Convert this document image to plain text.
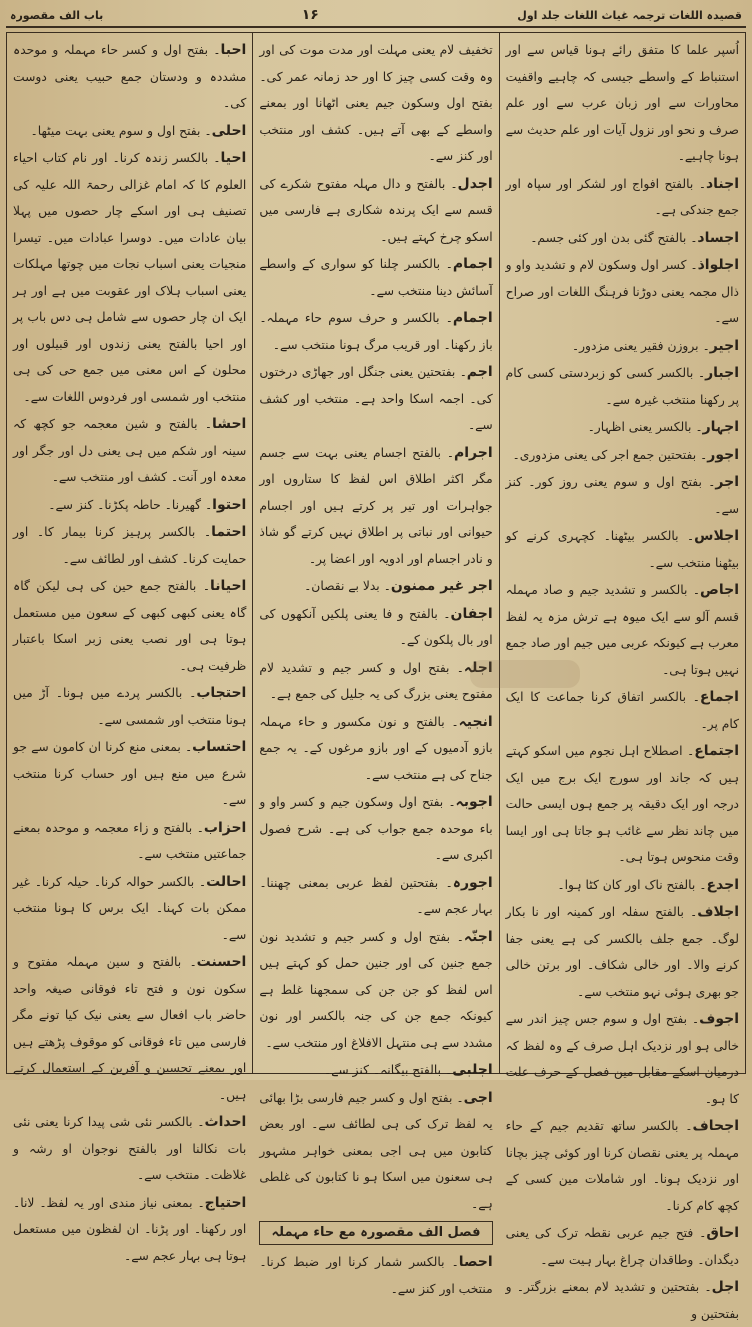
قصیدہ اللغات ترجمہ غیاث اللغات جلد اول
۱۶
باب الف مقصورہ
اُسپر علما کا متفق رائے ہونا قیاس سے اور استنباط کے واسطے جیسی کہ چاہیے واقفیت محاورات سے اور زبان عرب سے اور علم صرف و نحو اور نزول آیات اور علم حدیث سے ہونا چاہیے۔
اجناد۔ بالفتح افواج اور لشکر اور سپاہ اور جمع جندکی ہے۔
اجساد۔ بالفتح گئی بدن اور کئی جسم۔
اجلواذ۔ کسر اول وسکون لام و تشدید واو و ذال مجمہ یعنی دوڑنا فرہنگ اللغات اور صراح سے۔
اجیر۔ بروزن فقیر یعنی مزدور۔
اجبار۔ بالکسر کسی کو زبردستی کسی کام پر رکھنا منتخب غیرہ سے۔
اجہار۔ بالکسر یعنی اظہار۔
اجور۔ بفتحتین جمع اجر کی یعنی مزدوری۔
اجر۔ بفتح اول و سوم یعنی روز کور۔ کنز سے۔
اجلاس۔ بالکسر بیٹھنا۔ کچہری کرنے کو بیٹھنا منتخب سے۔
اجاص۔ بالکسر و تشدید جیم و صاد مہملہ قسم آلو سے ایک میوہ ہے ترش مزہ یہ لفظ معرب ہے کیونکہ عربی میں جیم اور صاد جمع نہیں ہوتا ہی۔
اجماع۔ بالکسر اتفاق کرنا جماعت کا ایک کام پر۔
اجتماع۔ اصطلاح اہل نجوم میں اسکو کہتے ہیں کہ جاند اور سورج ایک برج میں ایک درجہ اور ایک دقیقہ پر جمع ہوں ایسی حالت میں چاند نظر سے غائب ہو جاتا ہی اور ایسا وقت منحوس ہوتا ہی۔
اجدع۔ بالفتح ناک اور کان کٹا ہوا۔
اجلاف۔ بالفتح سفلہ اور کمینہ اور نا بکار لوگ۔ جمع جلف بالکسر کی ہے یعنی جفا کرنے والا۔ اور خالی شکاف۔ اور برتن خالی جو بھری ہوئی نہو منتخب سے۔
اجوف۔ بفتح اول و سوم جس چیز اندر سے خالی ہو اور نزدیک اہل صرف کے وہ لفظ کہ درمیان اسکے مقابل مین فصل کے حرف علت کا ہو۔
اجحاف۔ بالکسر ساتھ تقدیم جیم کے حاء مہملہ پر یعنی نقصان کرنا اور کوئی چیز بچانا اور نزدیک ہونا۔ اور شاملات مین کسی کے کچھ کام کرنا۔
احاق۔ فتح جیم عربی نقطہ ترک کی یعنی دیگدان۔ وطاقدان چراغ بہار ہیت سے۔
اجل۔ بفتحتین و تشدید لام بمعنے بزرگتر۔ و بفتحتین و
تخفیف لام یعنی مہلت اور مدت موت کی اور وہ وقت کسی چیز کا اور حد زمانہ عمر کی۔ بفتح اول وسکون جیم یعنی اٹھانا اور بمعنے واسطے کے بھی آتے ہیں۔ کشف اور منتخب اور کنز سے۔
اجدل۔ بالفتح و دال مہلہ مفتوح شکرے کی قسم سے ایک پرندہ شکاری ہے فارسی میں اسکو چرخ کہتے ہیں۔
اجمام۔ بالکسر چلنا کو سواری کے واسطے آسائش دینا منتخب سے۔
اجمام۔ بالکسر و حرف سوم حاء مہملہ۔ باز رکھنا۔ اور قریب مرگ ہونا منتخب سے۔
اجم۔ بفتحتین یعنی جنگل اور جھاڑی درختوں کی۔ اجمہ اسکا واحد ہے۔ منتخب اور کشف سے۔
اجرام۔ بالفتح اجسام یعنی بہت سے جسم مگر اکثر اطلاق اس لفظ کا ستاروں اور جواہرات اور تیر پر کرتے ہیں اور اجسام حیوانی اور نباتی پر اطلاق نہیں کرتے گو شاذ و نادر اجسام اور ادویہ اور اعضا پر۔
اجر غیر ممنون۔ بدلا بے نقصان۔
اجفان۔ بالفتح و فا یعنی پلکیں آنکھوں کی اور بال پلکون کے۔
اجلہ۔ بفتح اول و کسر جیم و تشدید لام مفتوح یعنی بزرگ کی یہ جلیل کی جمع ہے۔
انجیہ۔ بالفتح و نون مکسور و حاء مہملہ بازو آدمیوں کے اور بازو مرغوں کے۔ یہ جمع جناح کی ہے منتخب سے۔
اجوبہ۔ بفتح اول وسکون جیم و کسر واو و باء موحدہ جمع جواب کی ہے۔ شرح فصول اکبری سے۔
اجورہ۔ بفتحتین لفظ عربی بمعنی چھننا۔ بہار عجم سے۔
اجنّہ۔ بفتح اول و کسر جیم و تشدید نون جمع جنین کی اور جنین حمل کو کہتے ہیں اس لفظ کو جن جن کی سمجھنا غلط ہے کیونکہ جمع جن کی جنہ بالکسر اور نون مشدد سے ہی منتہل الافلاغ اور منتخب سے۔
اجلبی۔ بالفتح بیگانہ۔ کنز سے۔
اجی۔ بفتح اول و کسر جیم فارسی بڑا بھائی یہ لفظ ترک کی ہی لطائف سے۔ اور بعض کتابون میں ہی اجی بمعنی خواہر مشہور ہی سعنون میں اسکا ہو نا کتابون کی غلطی ہے۔
فصل الف مقصورہ مع حاء مہملہ
احصا۔ بالکسر شمار کرنا اور ضبط کرنا۔ منتخب اور کنز سے۔
احبا۔ بفتح اول و کسر حاء مہملہ و موحدہ مشددہ و ودستان جمع حبیب یعنی دوست کی۔
احلی۔ بفتح اول و سوم یعنی بہت میٹھا۔
احیا۔ بالکسر زندہ کرنا۔ اور نام کتاب احیاء العلوم کا کہ امام غزالی رحمۃ اللہ علیہ کی تصنیف ہی اور اسکے چار حصوں میں پہلا بیان عادات میں۔ دوسرا عبادات میں۔ تیسرا منجیات یعنی اسباب نجات میں چوتھا مہلکات یعنی اسباب ہلاک اور عقوبت میں ہے اور ہر ایک ان چار حصوں سے شامل ہی دس باب پر اور احیا بالفتح یعنی زندوں اور قبیلوں اور محلون کے اس معنی میں جمع حی کی ہی منتخب اور شمسی اور فردوس اللغات سے۔
احشا۔ بالفتح و شین معجمہ جو کچھ کہ سینہ اور شکم میں ہی یعنی دل اور جگر اور معدہ اور آنت۔ کشف اور منتخب سے۔
احتوا۔ گھیرنا۔ حاطہ پکڑنا۔ کنز سے۔
احتما۔ بالکسر پرہیز کرنا بیمار کا۔ اور حمایت کرنا۔ کشف اور لطائف سے۔
احیانا۔ بالفتح جمع حین کی ہی لیکن گاہ گاہ یعنی کبھی کبھی کے سعون میں مستعمل ہوتا ہی اور نصب یعنی زبر اسکا باعتبار ظرفیت ہی۔
احتجاب۔ بالکسر پردے میں ہونا۔ آڑ میں ہونا منتخب اور شمسی سے۔
احتساب۔ بمعنی منع کرنا ان کامون سے جو شرع میں منع ہیں اور حساب کرنا منتخب سے۔
احزاب۔ بالفتح و زاء معجمہ و موحدہ بمعنے جماعتیں منتخب سے۔
احالت۔ بالکسر حوالہ کرنا۔ حیلہ کرنا۔ غیر ممکن بات کہنا۔ ایک برس کا ہونا منتخب سے۔
احسنت۔ بالفتح و سین مہملہ مفتوح و سکون نون و فتح تاء فوقانی صیغہ واحد حاضر باب افعال سے یعنی نیک کیا تونے مگر فارسی میں تاء فوقانی کو موقوف پڑھتے ہیں اور بمعنے تحسین و آفرین کے استعمال کرتے ہیں۔
احداث۔ بالکسر نئی شی پیدا کرنا یعنی نئی بات نکالنا اور بالفتح نوجوان او رشہ و غلاظت۔ منتخب سے۔
احتیاج۔ بمعنی نیاز مندی اور یہ لفظ۔ لانا۔ اور رکھنا۔ اور پڑنا۔ ان لفظون میں مستعمل ہوتا ہی بہار عجم سے۔
